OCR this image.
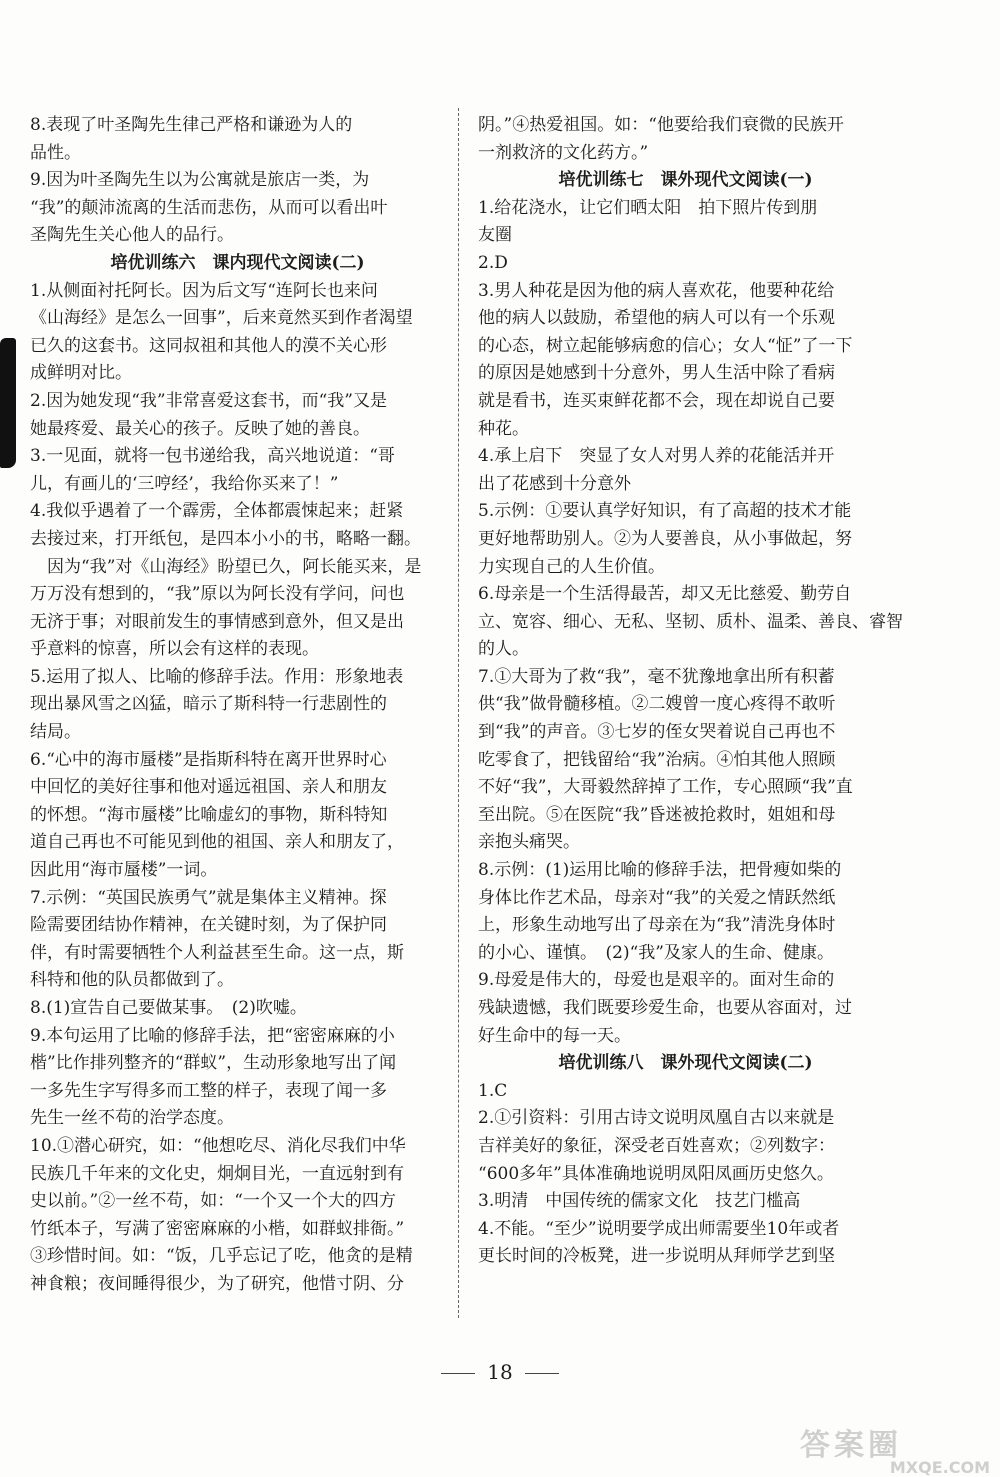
8.表现了叶圣陶先生律己严格和谦逊为人的

品性。

9.因为叶圣陶先生以为公寓就是旅店一类，为

“我”的颠沛流离的生活而悲伤，从而可以看出叶

圣陶先生关心他人的品行。

培优训练六　课内现代文阅读(二)

1.从侧面衬托阿长。因为后文写“连阿长也来问

《山海经》是怎么一回事”，后来竟然买到作者渴望

已久的这套书。这同叔祖和其他人的漠不关心形

成鲜明对比。

2.因为她发现“我”非常喜爱这套书，而“我”又是

她最疼爱、最关心的孩子。反映了她的善良。

3.一见面，就将一包书递给我，高兴地说道：“哥

儿，有画儿的‘三哼经’，我给你买来了！”

4.我似乎遇着了一个霹雳，全体都震悚起来；赶紧

去接过来，打开纸包，是四本小小的书，略略一翻。

　因为“我”对《山海经》盼望已久，阿长能买来，是

万万没有想到的，“我”原以为阿长没有学问，问也

无济于事；对眼前发生的事情感到意外，但又是出

乎意料的惊喜，所以会有这样的表现。

5.运用了拟人、比喻的修辞手法。作用：形象地表

现出暴风雪之凶猛，暗示了斯科特一行悲剧性的

结局。

6.“心中的海市蜃楼”是指斯科特在离开世界时心

中回忆的美好往事和他对遥远祖国、亲人和朋友

的怀想。“海市蜃楼”比喻虚幻的事物，斯科特知

道自己再也不可能见到他的祖国、亲人和朋友了，

因此用“海市蜃楼”一词。

7.示例：“英国民族勇气”就是集体主义精神。探

险需要团结协作精神，在关键时刻，为了保护同

伴，有时需要牺牲个人利益甚至生命。这一点，斯

科特和他的队员都做到了。

8.(1)宣告自己要做某事。　(2)吹嘘。

9.本句运用了比喻的修辞手法，把“密密麻麻的小

楷”比作排列整齐的“群蚁”，生动形象地写出了闻

一多先生字写得多而工整的样子，表现了闻一多

先生一丝不苟的治学态度。

10.①潜心研究，如：“他想吃尽、消化尽我们中华

民族几千年来的文化史，炯炯目光，一直远射到有

史以前。”②一丝不苟，如：“一个又一个大的四方

竹纸本子，写满了密密麻麻的小楷，如群蚁排衙。”

③珍惜时间。如：“饭，几乎忘记了吃，他贪的是精

神食粮；夜间睡得很少，为了研究，他惜寸阴、分

阴。”④热爱祖国。如：“他要给我们衰微的民族开

一剂救济的文化药方。”

培优训练七　课外现代文阅读(一)

1.给花浇水，让它们晒太阳　拍下照片传到朋

友圈

2.D

3.男人种花是因为他的病人喜欢花，他要种花给

他的病人以鼓励，希望他的病人可以有一个乐观

的心态，树立起能够病愈的信心；女人“怔”了一下

的原因是她感到十分意外，男人生活中除了看病

就是看书，连买束鲜花都不会，现在却说自己要

种花。

4.承上启下　突显了女人对男人养的花能活并开

出了花感到十分意外

5.示例：①要认真学好知识，有了高超的技术才能

更好地帮助别人。②为人要善良，从小事做起，努

力实现自己的人生价值。

6.母亲是一个生活得最苦，却又无比慈爱、勤劳自

立、宽容、细心、无私、坚韧、质朴、温柔、善良、睿智

的人。

7.①大哥为了救“我”，毫不犹豫地拿出所有积蓄

供“我”做骨髓移植。②二嫂曾一度心疼得不敢听

到“我”的声音。③七岁的侄女哭着说自己再也不

吃零食了，把钱留给“我”治病。④怕其他人照顾

不好“我”，大哥毅然辞掉了工作，专心照顾“我”直

至出院。⑤在医院“我”昏迷被抢救时，姐姐和母

亲抱头痛哭。

8.示例：(1)运用比喻的修辞手法，把骨瘦如柴的

身体比作艺术品，母亲对“我”的关爱之情跃然纸

上，形象生动地写出了母亲在为“我”清洗身体时

的小心、谨慎。　(2)“我”及家人的生命、健康。

9.母爱是伟大的，母爱也是艰辛的。面对生命的

残缺遗憾，我们既要珍爱生命，也要从容面对，过

好生命中的每一天。

培优训练八　课外现代文阅读(二)

1.C

2.①引资料：引用古诗文说明凤凰自古以来就是

吉祥美好的象征，深受老百姓喜欢；②列数字：

“600多年”具体准确地说明凤阳凤画历史悠久。

3.明清　中国传统的儒家文化　技艺门槛高

4.不能。“至少”说明要学成出师需要坐10年或者

更长时间的冷板凳，进一步说明从拜师学艺到坚

18
答案圈
MXQE.COM
